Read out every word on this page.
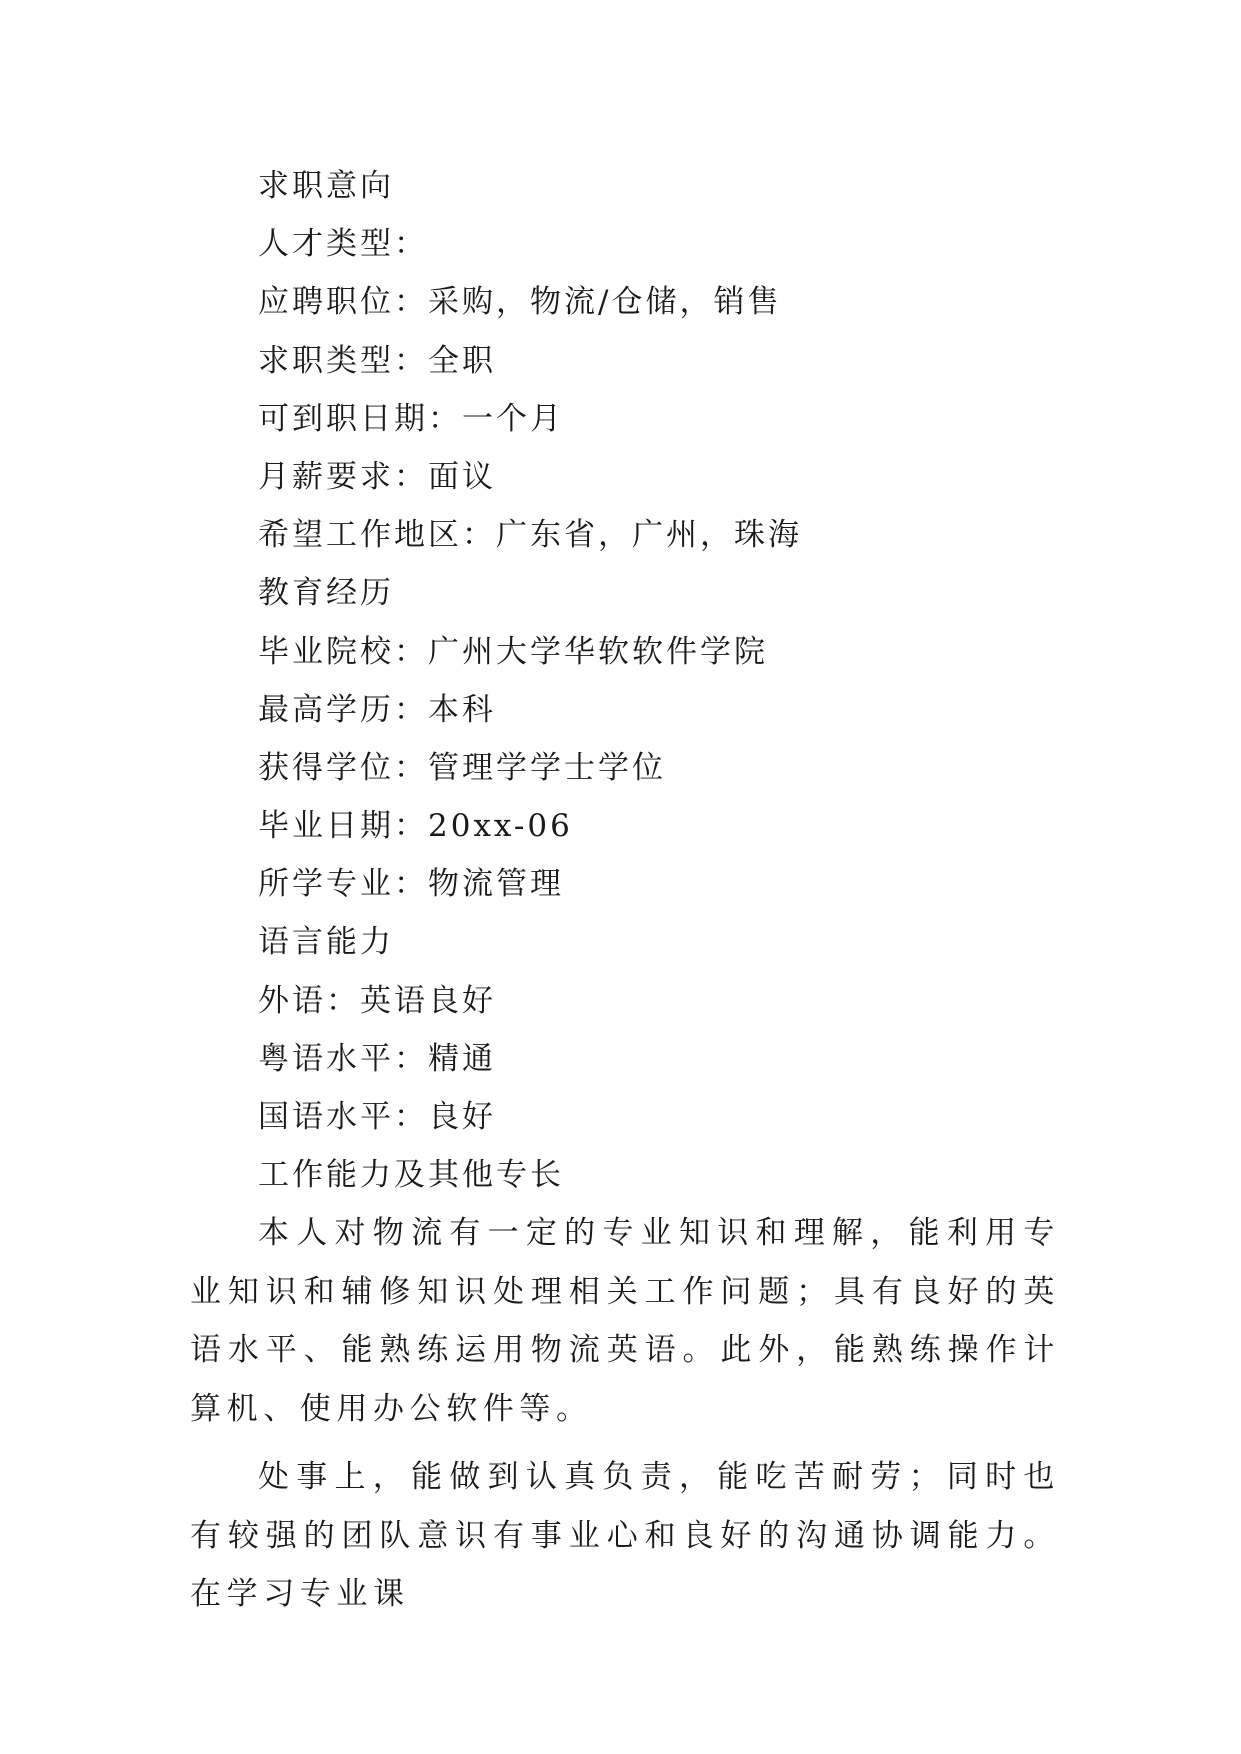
求职意向
人才类型：
应聘职位：采购，物流/仓储，销售
求职类型：全职
可到职日期：一个月
月薪要求：面议
希望工作地区：广东省，广州，珠海
教育经历
毕业院校：广州大学华软软件学院
最高学历：本科
获得学位：管理学学士学位
毕业日期：20xx-06
所学专业：物流管理
语言能力
外语：英语良好
粤语水平：精通
国语水平：良好
工作能力及其他专长

本人对物流有一定的专业知识和理解，能利用专业知识和辅修知识处理相关工作问题；具有良好的英语水平、能熟练运用物流英语。此外，能熟练操作计算机、使用办公软件等。

处事上，能做到认真负责，能吃苦耐劳；同时也有较强的团队意识有事业心和良好的沟通协调能力。在学习专业课
